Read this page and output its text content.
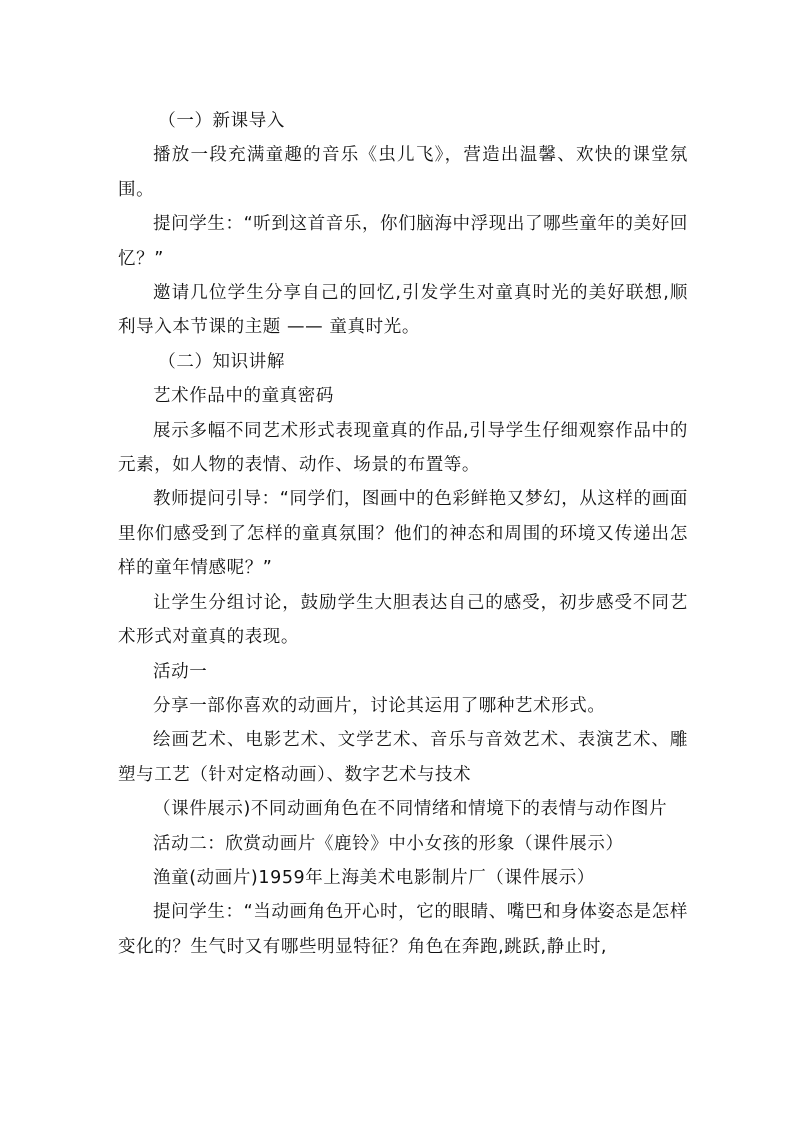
（一）新课导入

播放一段充满童趣的音乐《虫儿飞》，营造出温馨、欢快的课堂氛围。

提问学生：“听到这首音乐，你们脑海中浮现出了哪些童年的美好回忆？”

邀请几位学生分享自己的回忆,引发学生对童真时光的美好联想,顺利导入本节课的主题 —— 童真时光。

（二）知识讲解

艺术作品中的童真密码

展示多幅不同艺术形式表现童真的作品,引导学生仔细观察作品中的元素，如人物的表情、动作、场景的布置等。

教师提问引导：“同学们，图画中的色彩鲜艳又梦幻，从这样的画面里你们感受到了怎样的童真氛围？他们的神态和周围的环境又传递出怎样的童年情感呢？”

让学生分组讨论，鼓励学生大胆表达自己的感受，初步感受不同艺术形式对童真的表现。

活动一

分享一部你喜欢的动画片，讨论其运用了哪种艺术形式。

绘画艺术、电影艺术、文学艺术、音乐与音效艺术、表演艺术、雕塑与工艺（针对定格动画）、数字艺术与技术

（课件展示)不同动画角色在不同情绪和情境下的表情与动作图片

活动二：欣赏动画片《鹿铃》中小女孩的形象（课件展示）

渔童(动画片)1959年上海美术电影制片厂（课件展示）

提问学生：“当动画角色开心时，它的眼睛、嘴巴和身体姿态是怎样变化的？生气时又有哪些明显特征？角色在奔跑,跳跃,静止时,
